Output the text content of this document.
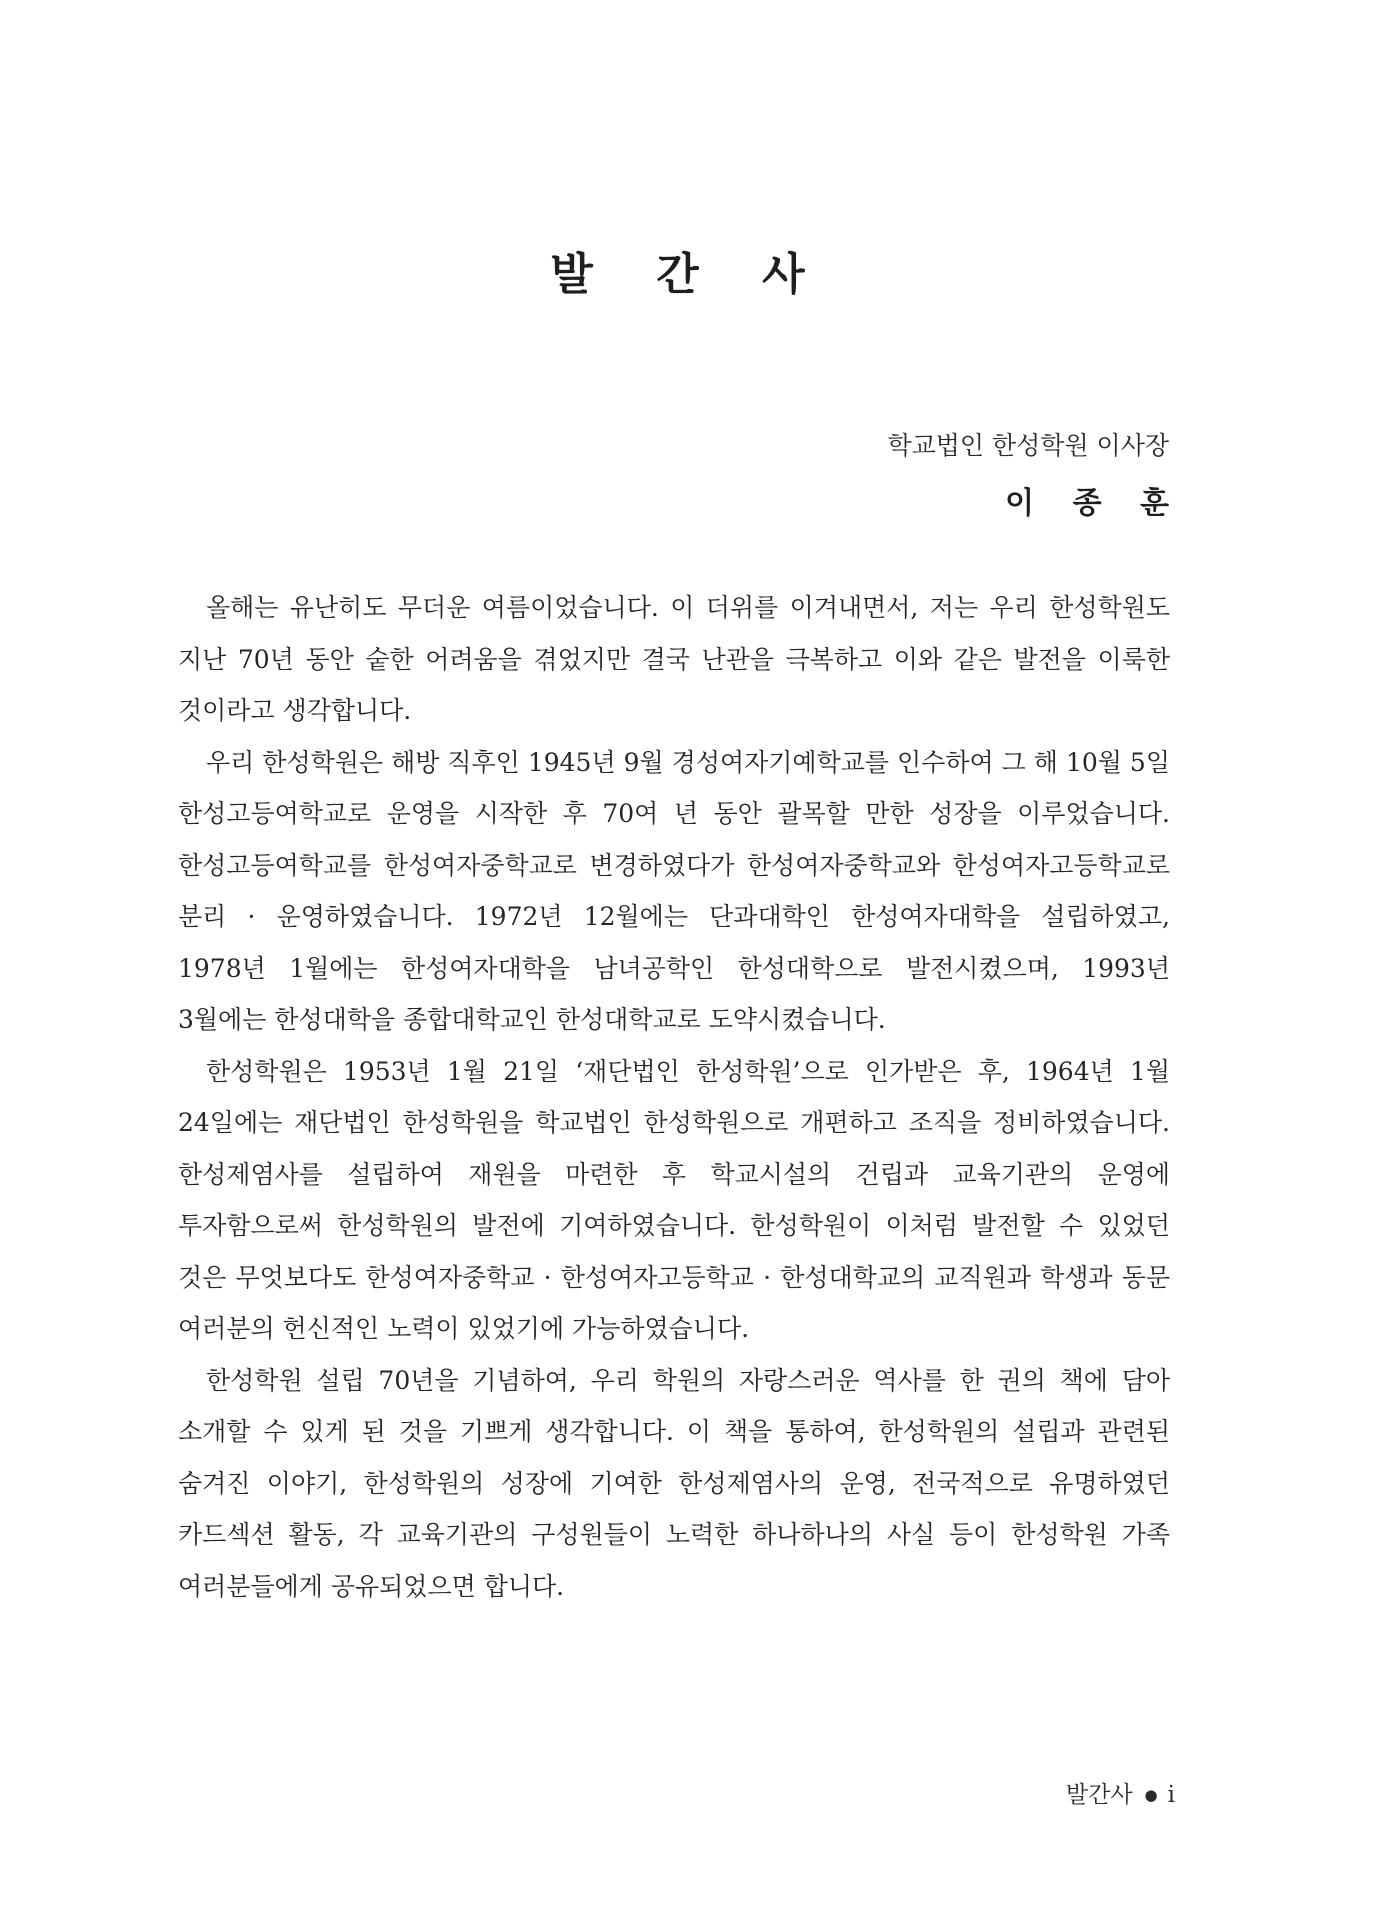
발 간 사
학교법인 한성학원 이사장
이 종 훈

올해는 유난히도 무더운 여름이었습니다. 이 더위를 이겨내면서, 저는 우리 한성학원도 지난 70년 동안 숱한 어려움을 겪었지만 결국 난관을 극복하고 이와 같은 발전을 이룩한 것이라고 생각합니다.

우리 한성학원은 해방 직후인 1945년 9월 경성여자기예학교를 인수하여 그 해 10월 5일 한성고등여학교로 운영을 시작한 후 70여 년 동안 괄목할 만한 성장을 이루었습니다. 한성고등여학교를 한성여자중학교로 변경하였다가 한성여자중학교와 한성여자고등학교로 분리 · 운영하였습니다. 1972년 12월에는 단과대학인 한성여자대학을 설립하였고, 1978년 1월에는 한성여자대학을 남녀공학인 한성대학으로 발전시켰으며, 1993년 3월에는 한성대학을 종합대학교인 한성대학교로 도약시켰습니다.

한성학원은 1953년 1월 21일 ‘재단법인 한성학원’으로 인가받은 후, 1964년 1월 24일에는 재단법인 한성학원을 학교법인 한성학원으로 개편하고 조직을 정비하였습니다. 한성제염사를 설립하여 재원을 마련한 후 학교시설의 건립과 교육기관의 운영에 투자함으로써 한성학원의 발전에 기여하였습니다. 한성학원이 이처럼 발전할 수 있었던 것은 무엇보다도 한성여자중학교 · 한성여자고등학교 · 한성대학교의 교직원과 학생과 동문 여러분의 헌신적인 노력이 있었기에 가능하였습니다.

한성학원 설립 70년을 기념하여, 우리 학원의 자랑스러운 역사를 한 권의 책에 담아 소개할 수 있게 된 것을 기쁘게 생각합니다. 이 책을 통하여, 한성학원의 설립과 관련된 숨겨진 이야기, 한성학원의 성장에 기여한 한성제염사의 운영, 전국적으로 유명하였던 카드섹션 활동, 각 교육기관의 구성원들이 노력한 하나하나의 사실 등이 한성학원 가족 여러분들에게 공유되었으면 합니다.

발간사 ● i
